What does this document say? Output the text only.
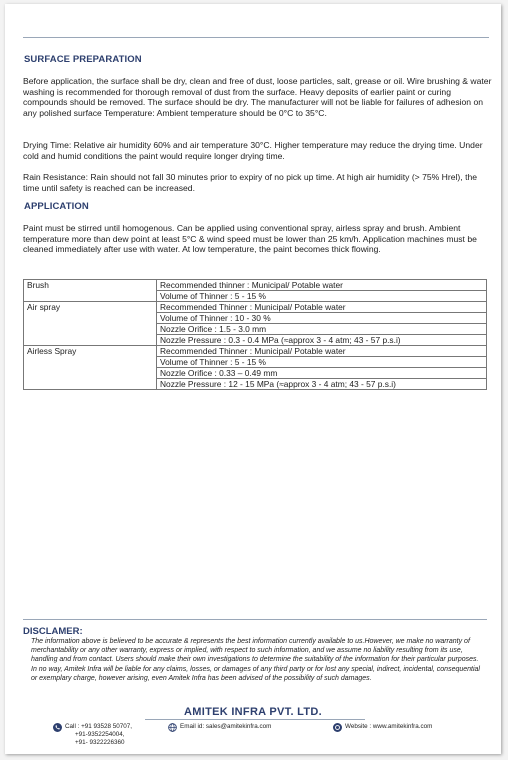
SURFACE PREPARATION
Before application, the surface shall be dry, clean and free of dust, loose particles, salt, grease or oil. Wire brushing & water washing is recommended for thorough removal of dust from the surface. Heavy deposits of earlier paint or curing compounds should be removed. The surface should be dry. The manufacturer will not be liable for failures of adhesion on any polished surface Temperature: Ambient temperature should be 0°C to 35°C.
Drying Time: Relative air humidity 60% and air temperature 30°C. Higher temperature may reduce the drying time. Under cold and humid conditions the paint would require longer drying time.
Rain Resistance: Rain should not fall 30 minutes prior to expiry of no pick up time. At high air humidity (> 75% Hrel), the time until safety is reached can be increased.
APPLICATION
Paint must be stirred until homogenous. Can be applied using conventional spray, airless spray and brush. Ambient temperature more than dew point at least 5°C & wind speed must be lower than 25 km/h. Application machines must be cleaned immediately after use with water. At low temperature, the paint becomes thick flowing.
Brush	Recommended thinner : Municipal/ Potable water
	Volume of Thinner : 5 - 15 %
Air spray	Recommended Thinner : Municipal/ Potable water
	Volume of Thinner : 10 - 30 %
	Nozzle Orifice : 1.5 - 3.0 mm
	Nozzle Pressure : 0.3 - 0.4 MPa (≈approx 3 - 4 atm; 43 - 57 p.s.i)
Airless Spray	Recommended Thinner : Municipal/ Potable water
	Volume of Thinner : 5 - 15 %
	Nozzle Orifice : 0.33 – 0.49 mm
	Nozzle Pressure : 12 - 15 MPa (≈approx 3 - 4 atm; 43 - 57 p.s.i)
DISCLAMER:
The information above is believed to be accurate & represents the best information currently available to us.However, we make no warranty of merchantability or any other warranty, express or implied, with respect to such information, and we assume no liability resulting from its use, handling and from contact. Users should make their own investigations to determine the suitability of the information for their particular purposes. In no way, Amitek Infra will be liable for any claims, losses, or damages of any third party or for lost any special, indirect, incidental, consequential or exemplary charge, however arising, even Amitek Infra has been advised of the possibility of such damages.
AMITEK INFRA PVT. LTD.
Call : +91 93528 50707,
+91-9352254004,
+91- 9322226360
Email id: sales@amitekinfra.com	Website : www.amitekinfra.com
